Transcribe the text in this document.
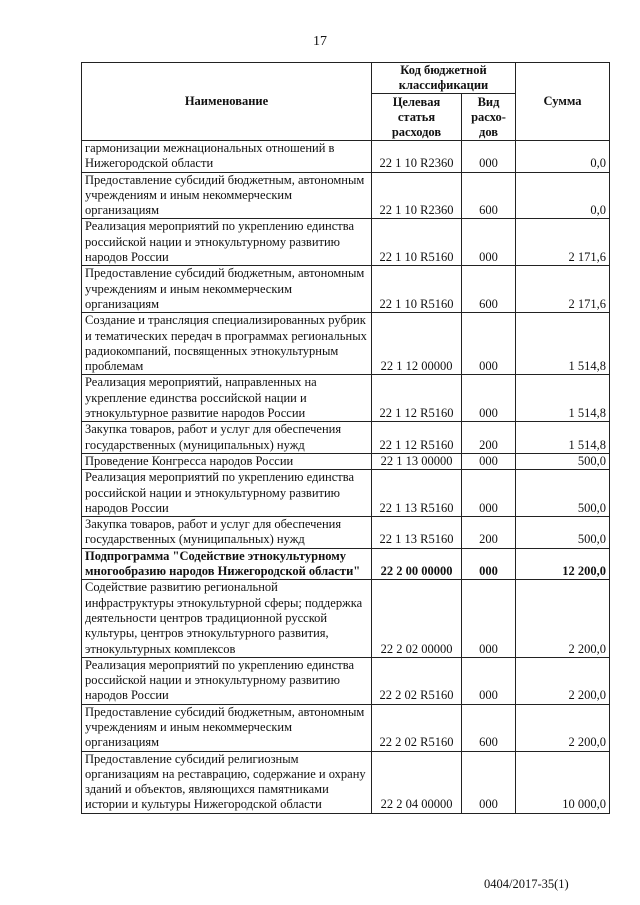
17
Наименование	Код бюджетной классификации		Сумма
	Целевая статья расходов	Вид расхо-дов	
гармонизации межнациональных отношений в Нижегородской области	22 1 10 R2360	000	0,0
Предоставление субсидий бюджетным, автономным учреждениям и иным некоммерческим организациям	22 1 10 R2360	600	0,0
Реализация мероприятий по укреплению единства российской нации и этнокультурному развитию народов России	22 1 10 R5160	000	2 171,6
Предоставление субсидий бюджетным, автономным учреждениям и иным некоммерческим организациям	22 1 10 R5160	600	2 171,6
Создание и трансляция специализированных рубрик и тематических передач в программах региональных радиокомпаний, посвященных этнокультурным проблемам	22 1 12 00000	000	1 514,8
Реализация мероприятий, направленных на укрепление единства российской нации и этнокультурное развитие народов России	22 1 12 R5160	000	1 514,8
Закупка товаров, работ и услуг для обеспечения государственных (муниципальных) нужд	22 1 12 R5160	200	1 514,8
Проведение Конгресса народов России	22 1 13 00000	000	500,0
Реализация мероприятий по укреплению единства российской нации и этнокультурному развитию народов России	22 1 13 R5160	000	500,0
Закупка товаров, работ и услуг для обеспечения государственных (муниципальных) нужд	22 1 13 R5160	200	500,0
Подпрограмма "Содействие этнокультурному многообразию народов Нижегородской области"	22 2 00 00000	000	12 200,0
Содействие развитию региональной инфраструктуры этнокультурной сферы; поддержка деятельности центров традиционной русской культуры, центров этнокультурного развития, этнокультурных комплексов	22 2 02 00000	000	2 200,0
Реализация мероприятий по укреплению единства российской нации и этнокультурному развитию народов России	22 2 02 R5160	000	2 200,0
Предоставление субсидий бюджетным, автономным учреждениям и иным некоммерческим организациям	22 2 02 R5160	600	2 200,0
Предоставление субсидий религиозным организациям на реставрацию, содержание и охрану зданий и объектов, являющихся памятниками истории и культуры Нижегородской области	22 2 04 00000	000	10 000,0
0404/2017-35(1)
